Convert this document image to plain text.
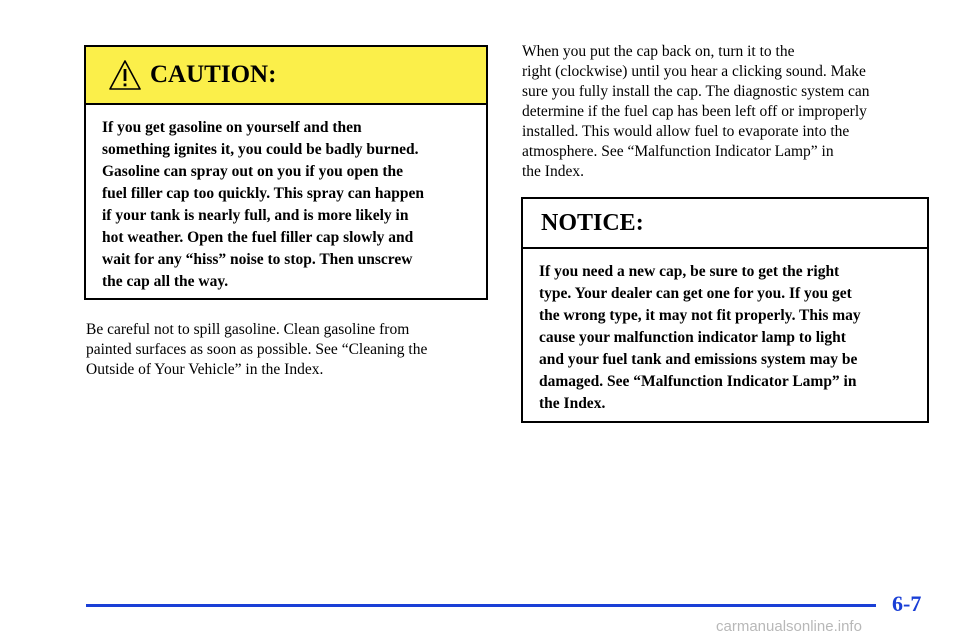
CAUTION:
If you get gasoline on yourself and then
something ignites it, you could be badly burned.
Gasoline can spray out on you if you open the
fuel filler cap too quickly. This spray can happen
if your tank is nearly full, and is more likely in
hot weather. Open the fuel filler cap slowly and
wait for any “hiss” noise to stop. Then unscrew
the cap all the way.
Be careful not to spill gasoline. Clean gasoline from
painted surfaces as soon as possible. See “Cleaning the
Outside of Your Vehicle” in the Index.
When you put the cap back on, turn it to the
right (clockwise) until you hear a clicking sound. Make
sure you fully install the cap. The diagnostic system can
determine if the fuel cap has been left off or improperly
installed. This would allow fuel to evaporate into the
atmosphere. See “Malfunction Indicator Lamp” in
the Index.
NOTICE:
If you need a new cap, be sure to get the right
type. Your dealer can get one for you. If you get
the wrong type, it may not fit properly. This may
cause your malfunction indicator lamp to light
and your fuel tank and emissions system may be
damaged. See “Malfunction Indicator Lamp” in
the Index.
6-7
carmanualsonline.info
